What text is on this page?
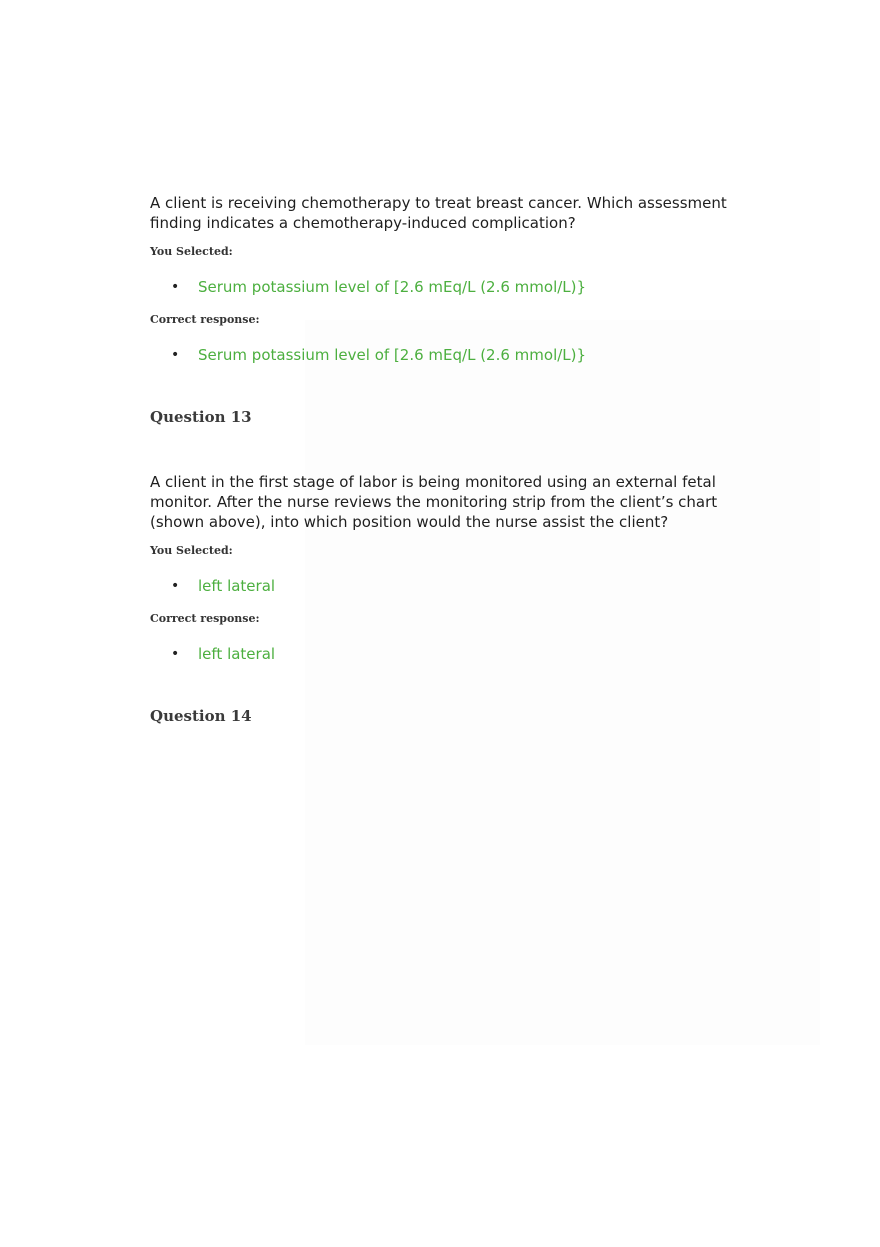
A client is receiving chemotherapy to treat breast cancer. Which assessment finding indicates a chemotherapy-induced complication?

You Selected:

• Serum potassium level of [2.6 mEq/L (2.6 mmol/L)}

Correct response:

• Serum potassium level of [2.6 mEq/L (2.6 mmol/L)}
Question 13

A client in the first stage of labor is being monitored using an external fetal monitor. After the nurse reviews the monitoring strip from the client’s chart (shown above), into which position would the nurse assist the client?

You Selected:

• left lateral

Correct response:

• left lateral
Question 14
